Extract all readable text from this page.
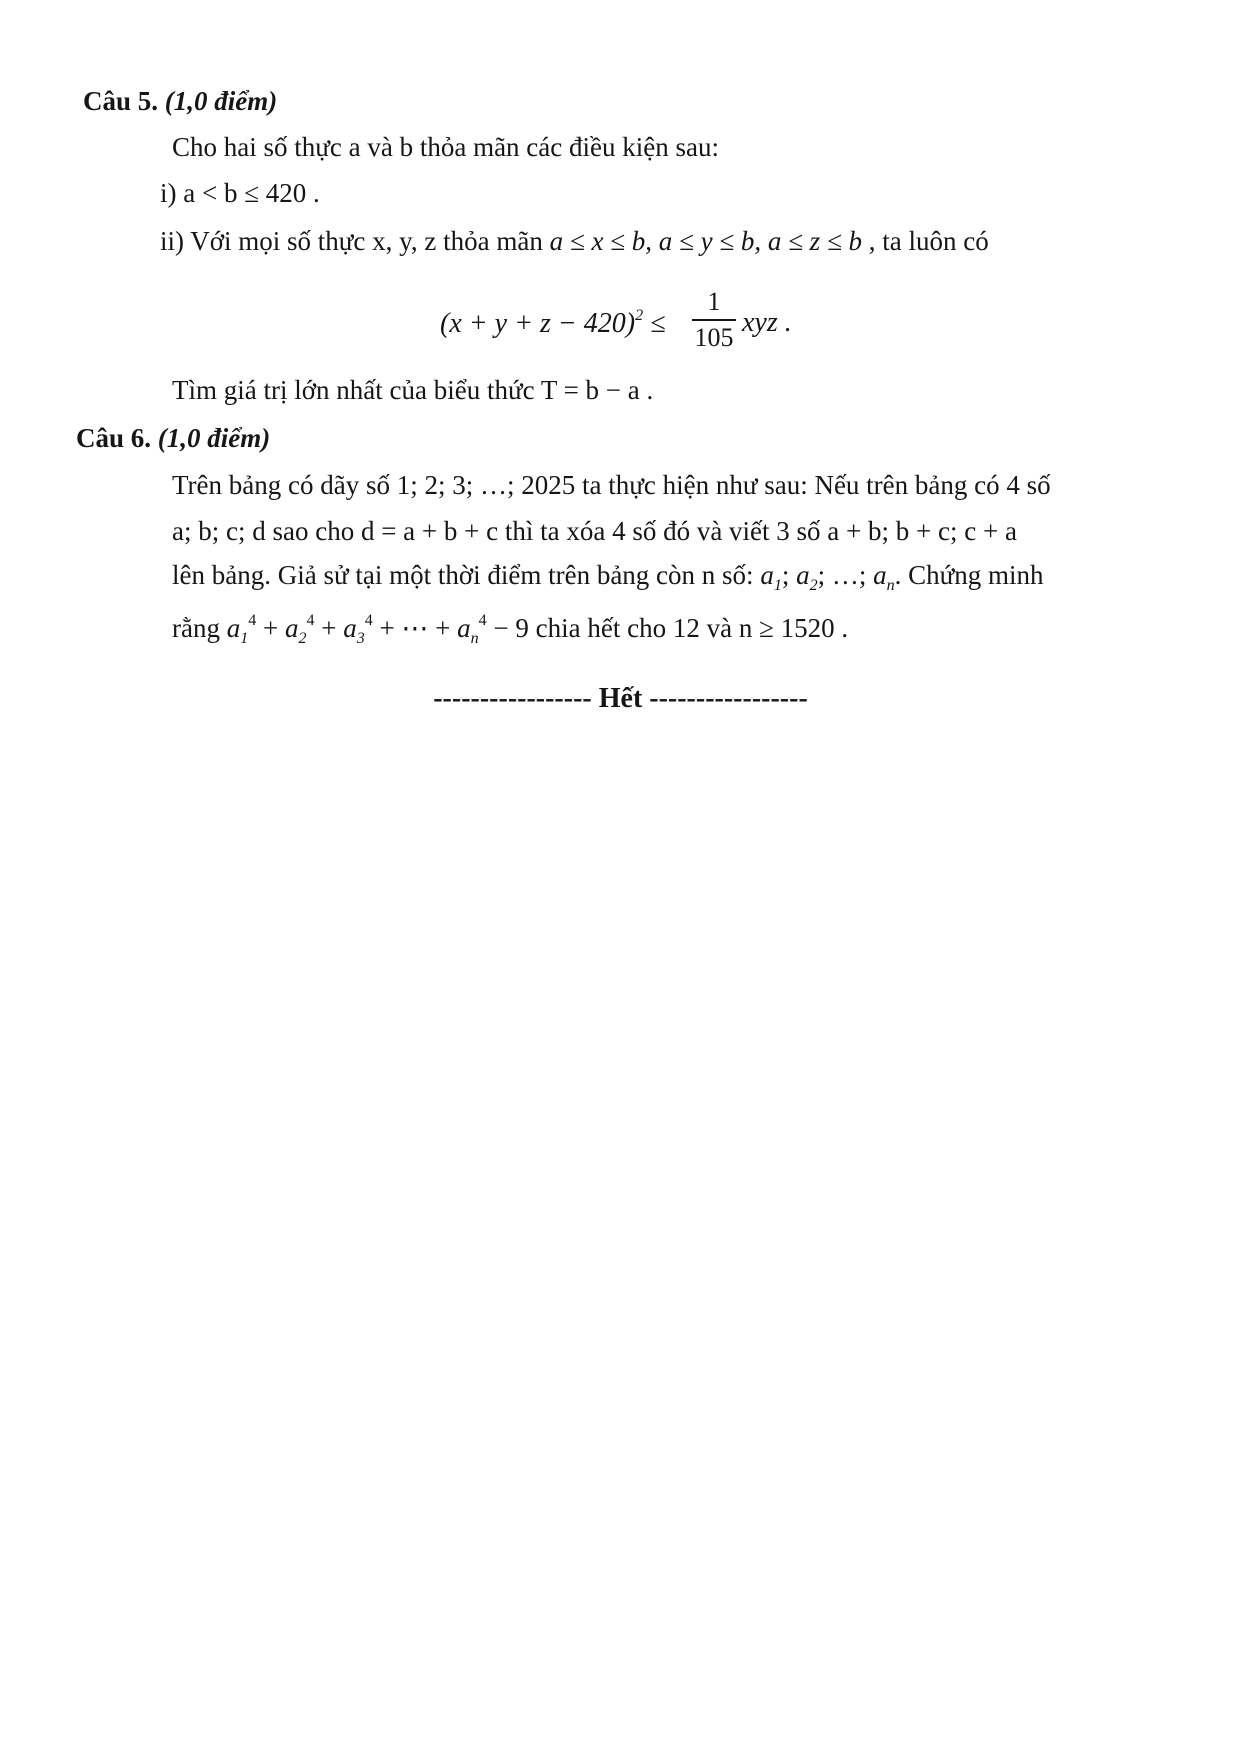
Câu 5. (1,0 điểm)
Cho hai số thực a và b thỏa mãn các điều kiện sau:
i) a < b ≤ 420 .
ii) Với mọi số thực x, y, z thỏa mãn a ≤ x ≤ b, a ≤ y ≤ b, a ≤ z ≤ b , ta luôn có
$(x + y + z - 420)^2$ ≤
1
105 xyz .
Tìm giá trị lớn nhất của biểu thức T = b − a .
Câu 6. (1,0 điểm)
Trên bảng có dãy số 1; 2; 3; …; 2025 ta thực hiện như sau: Nếu trên bảng có 4 số
a; b; c; d sao cho d = a + b + c thì ta xóa 4 số đó và viết 3 số a + b; b + c; c + a
lên bảng. Giả sử tại một thời điểm trên bảng còn n số: $a_1$; $a_2$; …; $a_n$. Chứng minh
rằng $a_1^4 + a_2^4 + a_3^4$ + ⋯ + $a_n^4 - 9$ chia hết cho 12 và n ≥ 1520 .
----------------- Hết -----------------
